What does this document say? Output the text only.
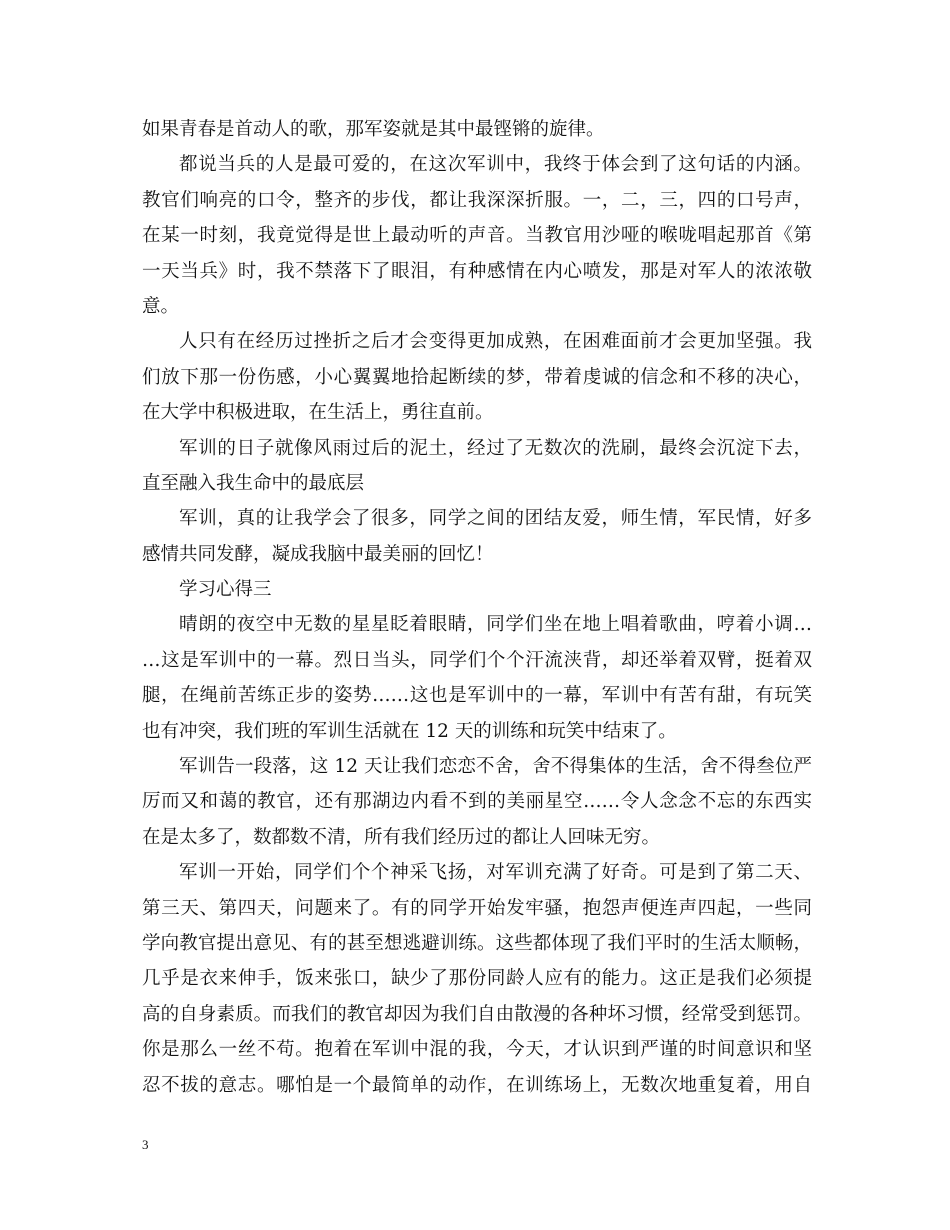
如果青春是首动人的歌，那军姿就是其中最铿锵的旋律。
都说当兵的人是最可爱的，在这次军训中，我终于体会到了这句话的内涵。
教官们响亮的口令，整齐的步伐，都让我深深折服。一，二，三，四的口号声，
在某一时刻，我竟觉得是世上最动听的声音。当教官用沙哑的喉咙唱起那首《第
一天当兵》时，我不禁落下了眼泪，有种感情在内心喷发，那是对军人的浓浓敬
意。
人只有在经历过挫折之后才会变得更加成熟，在困难面前才会更加坚强。我
们放下那一份伤感，小心翼翼地拾起断续的梦，带着虔诚的信念和不移的决心，
在大学中积极进取，在生活上，勇往直前。
军训的日子就像风雨过后的泥土，经过了无数次的洗刷，最终会沉淀下去，
直至融入我生命中的最底层
军训，真的让我学会了很多，同学之间的团结友爱，师生情，军民情，好多
感情共同发酵，凝成我脑中最美丽的回忆！
学习心得三
晴朗的夜空中无数的星星眨着眼睛，同学们坐在地上唱着歌曲，哼着小调…
…这是军训中的一幕。烈日当头，同学们个个汗流浃背，却还举着双臂，挺着双
腿，在绳前苦练正步的姿势……这也是军训中的一幕，军训中有苦有甜，有玩笑
也有冲突，我们班的军训生活就在 12 天的训练和玩笑中结束了。
军训告一段落，这 12 天让我们恋恋不舍，舍不得集体的生活，舍不得叁位严
厉而又和蔼的教官，还有那湖边内看不到的美丽星空……令人念念不忘的东西实
在是太多了，数都数不清，所有我们经历过的都让人回味无穷。
军训一开始，同学们个个神采飞扬，对军训充满了好奇。可是到了第二天、
第三天、第四天，问题来了。有的同学开始发牢骚，抱怨声便连声四起，一些同
学向教官提出意见、有的甚至想逃避训练。这些都体现了我们平时的生活太顺畅，
几乎是衣来伸手，饭来张口，缺少了那份同龄人应有的能力。这正是我们必须提
高的自身素质。而我们的教官却因为我们自由散漫的各种坏习惯，经常受到惩罚。
你是那么一丝不苟。抱着在军训中混的我，今天，才认识到严谨的时间意识和坚
忍不拔的意志。哪怕是一个最简单的动作，在训练场上，无数次地重复着，用自
3
